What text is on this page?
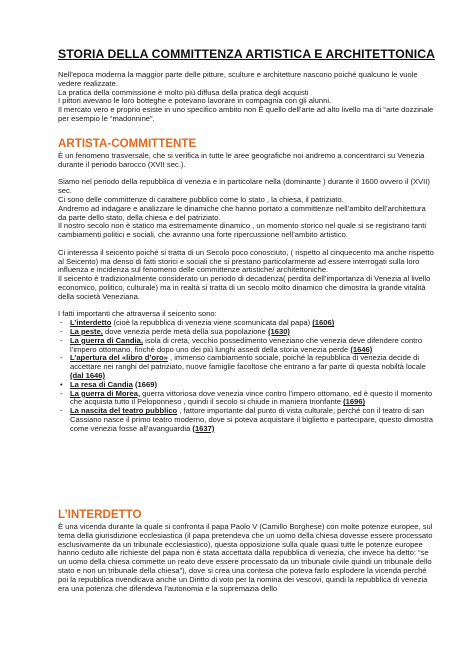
STORIA DELLA COMMITTENZA ARTISTICA E ARCHITETTONICA

Nell’epoca moderna la maggior parte delle pitture, sculture e architetture nascono poiché qualcuno le vuole vedere realizzate.

La pratica della commissione è molto più diffusa della pratica degli acquisti

I pittori avevano le loro botteghe e potevano lavorare in compagnia con gli alunni.

Il mercato vero e proprio esiste in uno specifico ambito non È quello dell’arte ad alto livello ma di “arte dozzinale per esempio le “madonnine”.

ARTISTA-COMMITTENTE

È un fenomeno trasversale, che si verifica in tutte le aree geografiche noi andremo a concentrarci su Venezia durante il periodo barocco (XVII sec.).

Siamo nel periodo della repubblica di venezia e in particolare nella (dominante ) durante il 1600 ovvero il (XVII) sec.

Ci sono delle committenze di carattere pubblico come lo stato , la chiesa, il patriziato.

Andremo ad indagare e analizzare le dinamiche che hanno portato a committenze nell’ambito dell’architettura da parte dello stato, della chiesa e del patriziato.

Il nostro secolo non è statico ma estremamente dinamico , un momento storico nel quale si se registrano tanti cambiamenti politici e sociali, che avranno una forte ripercussione nell’ambito artistico.

Ci interessa il seicento poiché si tratta di un Secolo poco conosciuto, ( rispetto al cinquecento ma anche rispetto al Seicento) ma denso di fatti storici e sociali che si prestano particolarmente ad essere interrogati sulla loro influenza e incidenza sul fenomeno delle committenze artistiche/ architettoniche.

Il seicento è tradizionalmente considerato un periodo di decadenza( perdita dell’importanza di Venezia al livello economico, politico, culturale) ma in realtà si tratta di un secolo molto dinamico che dimostra la grande vitalità della società Veneziana.

I fatti importanti che attraversa il seicento sono:

- L’interdetto (cioè la repubblica di venezia viene scomunicata dal papa) (1606)
- La peste, dove venezia perde metà della sua popolazione (1630)
- La guerra di Candia, isola di creta, vecchio possedimento veneziano che venezia deve difendere contro l’impero ottomano, finché dopo uno dei più lunghi assedi della storia venezia perde (1646)
- L’apertura del «libro d’oro» , immenso cambiamento sociale, poiché la repubblica di venezia decide di accettare nei ranghi del patriziato, nuove famiglie facoltose che entrano a far parte di questa nobiltà locale (dal 1646)
• La resa di Candia (1669)
- La guerra di Morea, guerra vittoriosa dove venezia vince contro l’impero ottomano, ed è questo il momento che acquista tutto il Peloponneso , quindi il secolo si chiude in maniera trionfante (1696)
- La nascita del teatro pubblico , fattore importante dal punto di vista culturale, perché con il teatro di san Cassiano nasce il primo teatro moderno, dove si poteva acquistare il biglietto e partecipare, questo dimostra come venezia fosse all’avanguardia (1637)
L’INTERDETTO

È una vicenda durante la quale si confronta il papa Paolo V (Camillo Borghese) con molte potenze europee, sul tema della giurisdizione ecclesiastica (il papa pretendeva che un uomo della chiesa dovesse essere processato esclusivamente da un tribunale ecclesiastico), questa opposizione sulla quale quasi tutte le potenze europee hanno ceduto alle richieste del papa non è stata accettata dalla repubblica di venezia, che invece ha detto: “se un uomo della chiesa commette un reato deve essere processato da un tribunale civile quindi un tribunale dello stato e non un tribunale della chiesa”), dove si crea una contesa che poteva farlo esplodere la vicenda perché poi la repubblica rivendicava anche un Diritto di voto per la nomina dei vescovi, quindi la repubblica di venezia era una potenza che difendeva l’autonomia e la supremazia dello
